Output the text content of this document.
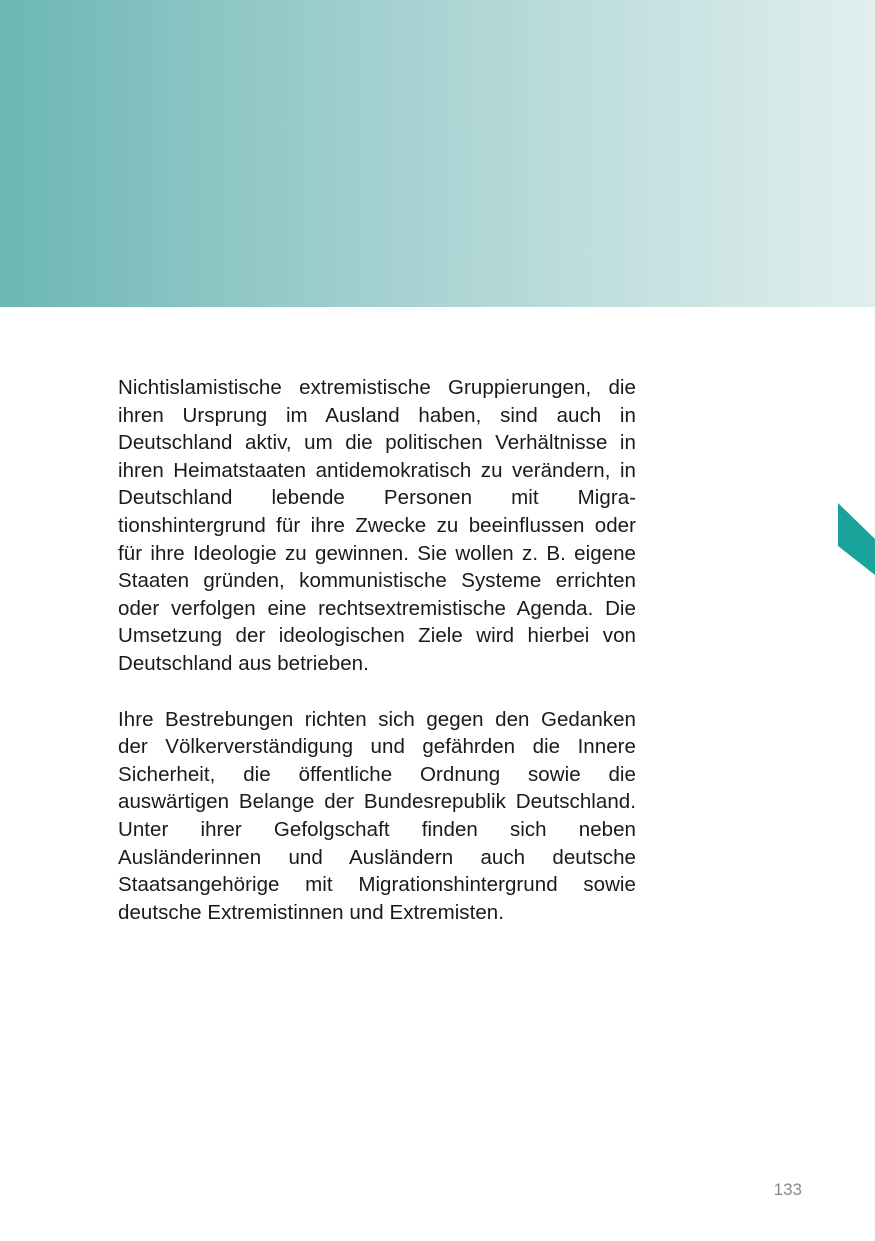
Nichtislamistische extremistische Gruppierungen, die ihren Ursprung im Ausland haben, sind auch in Deutschland aktiv, um die politischen Verhältnisse in ihren Heimatstaaten antidemokratisch zu verändern, in Deutschland lebende Personen mit Migrationshintergrund für ihre Zwecke zu beeinflussen oder für ihre Ideologie zu gewinnen. Sie wollen z. B. eigene Staaten gründen, kommunistische Systeme errichten oder verfolgen eine rechtsextremistische Agenda. Die Umsetzung der ideologischen Ziele wird hierbei von Deutschland aus betrieben.

Ihre Bestrebungen richten sich gegen den Gedanken der Völkerverständigung und gefährden die Innere Sicherheit, die öffentliche Ordnung sowie die auswärtigen Belange der Bundesrepublik Deutschland. Unter ihrer Gefolgschaft finden sich neben Ausländerinnen und Ausländern auch deutsche Staatsangehörige mit Migrationshintergrund sowie deutsche Extremistinnen und Extremisten.

133
